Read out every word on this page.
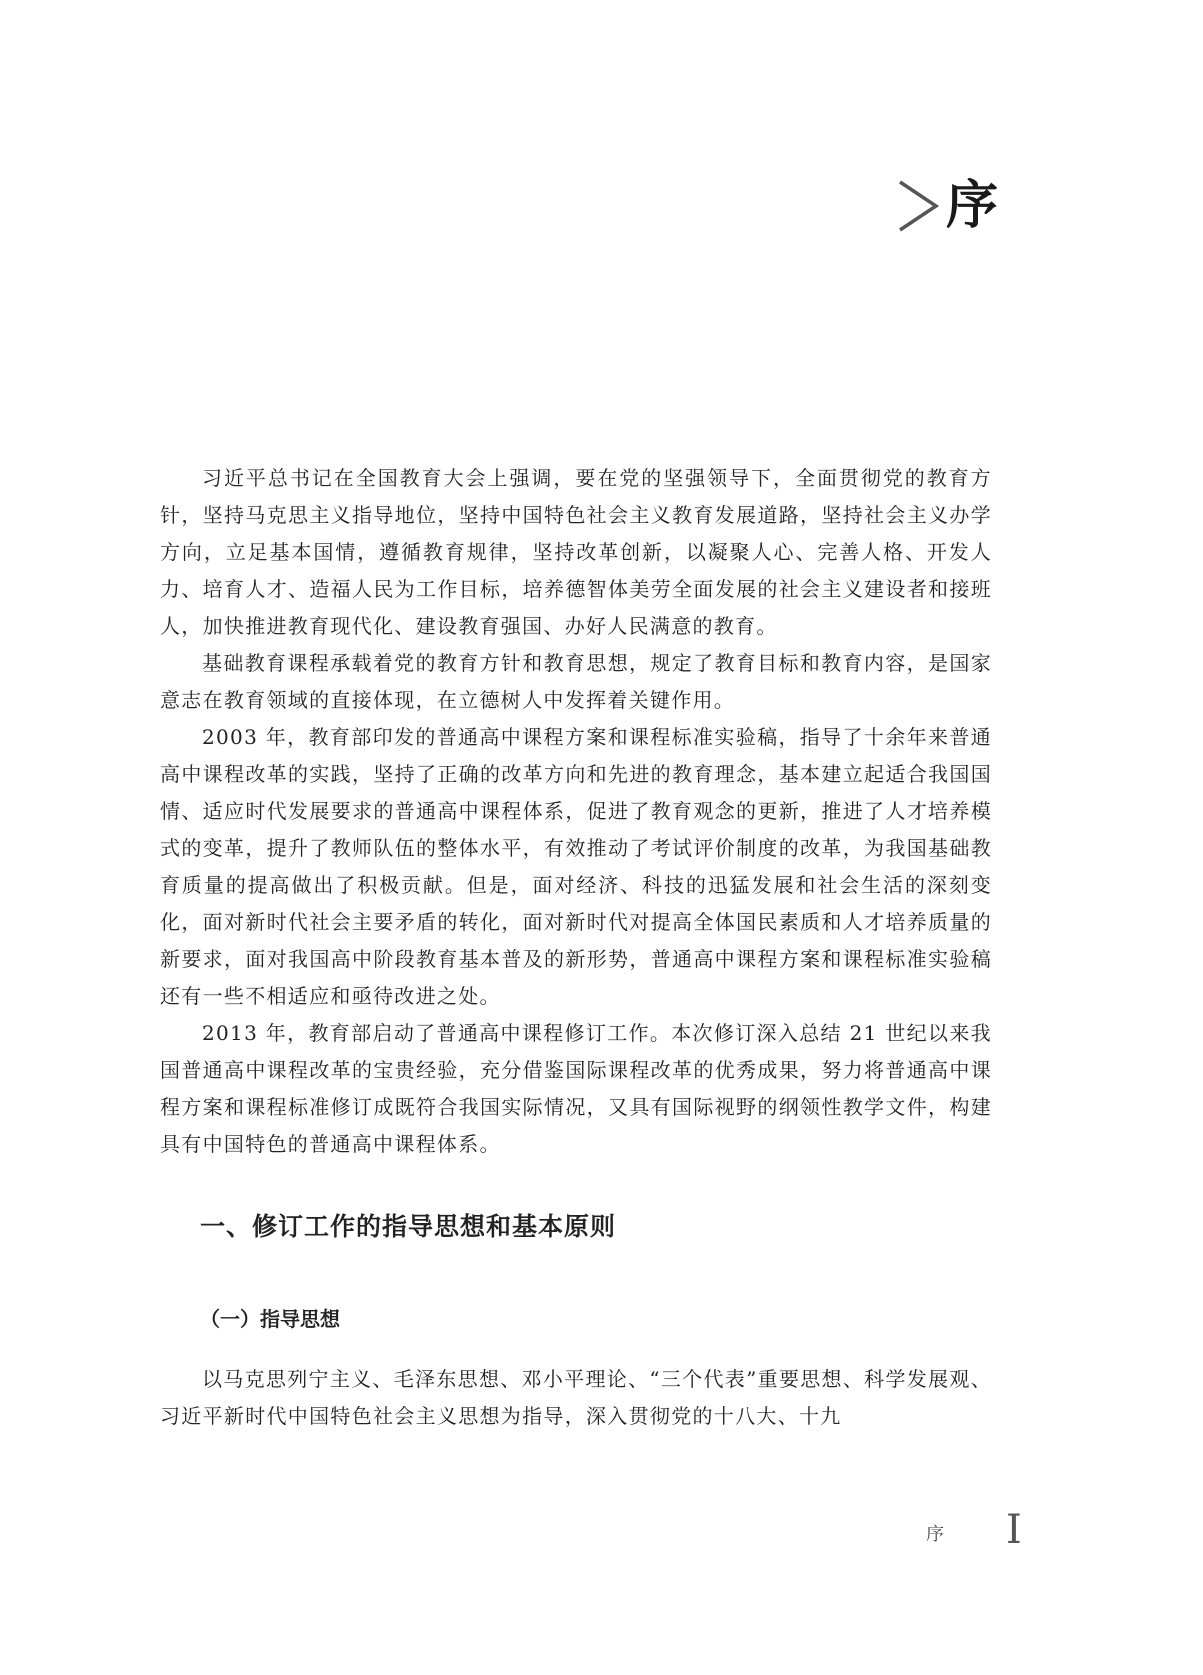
序

习近平总书记在全国教育大会上强调，要在党的坚强领导下，全面贯彻党的教育方针，坚持马克思主义指导地位，坚持中国特色社会主义教育发展道路，坚持社会主义办学方向，立足基本国情，遵循教育规律，坚持改革创新，以凝聚人心、完善人格、开发人力、培育人才、造福人民为工作目标，培养德智体美劳全面发展的社会主义建设者和接班人，加快推进教育现代化、建设教育强国、办好人民满意的教育。

基础教育课程承载着党的教育方针和教育思想，规定了教育目标和教育内容，是国家意志在教育领域的直接体现，在立德树人中发挥着关键作用。

2003 年，教育部印发的普通高中课程方案和课程标准实验稿，指导了十余年来普通高中课程改革的实践，坚持了正确的改革方向和先进的教育理念，基本建立起适合我国国情、适应时代发展要求的普通高中课程体系，促进了教育观念的更新，推进了人才培养模式的变革，提升了教师队伍的整体水平，有效推动了考试评价制度的改革，为我国基础教育质量的提高做出了积极贡献。但是，面对经济、科技的迅猛发展和社会生活的深刻变化，面对新时代社会主要矛盾的转化，面对新时代对提高全体国民素质和人才培养质量的新要求，面对我国高中阶段教育基本普及的新形势，普通高中课程方案和课程标准实验稿还有一些不相适应和亟待改进之处。

2013 年，教育部启动了普通高中课程修订工作。本次修订深入总结 21 世纪以来我国普通高中课程改革的宝贵经验，充分借鉴国际课程改革的优秀成果，努力将普通高中课程方案和课程标准修订成既符合我国实际情况，又具有国际视野的纲领性教学文件，构建具有中国特色的普通高中课程体系。

一、修订工作的指导思想和基本原则
（一）指导思想

以马克思列宁主义、毛泽东思想、邓小平理论、“三个代表”重要思想、科学发展观、习近平新时代中国特色社会主义思想为指导，深入贯彻党的十八大、十九

序 I
